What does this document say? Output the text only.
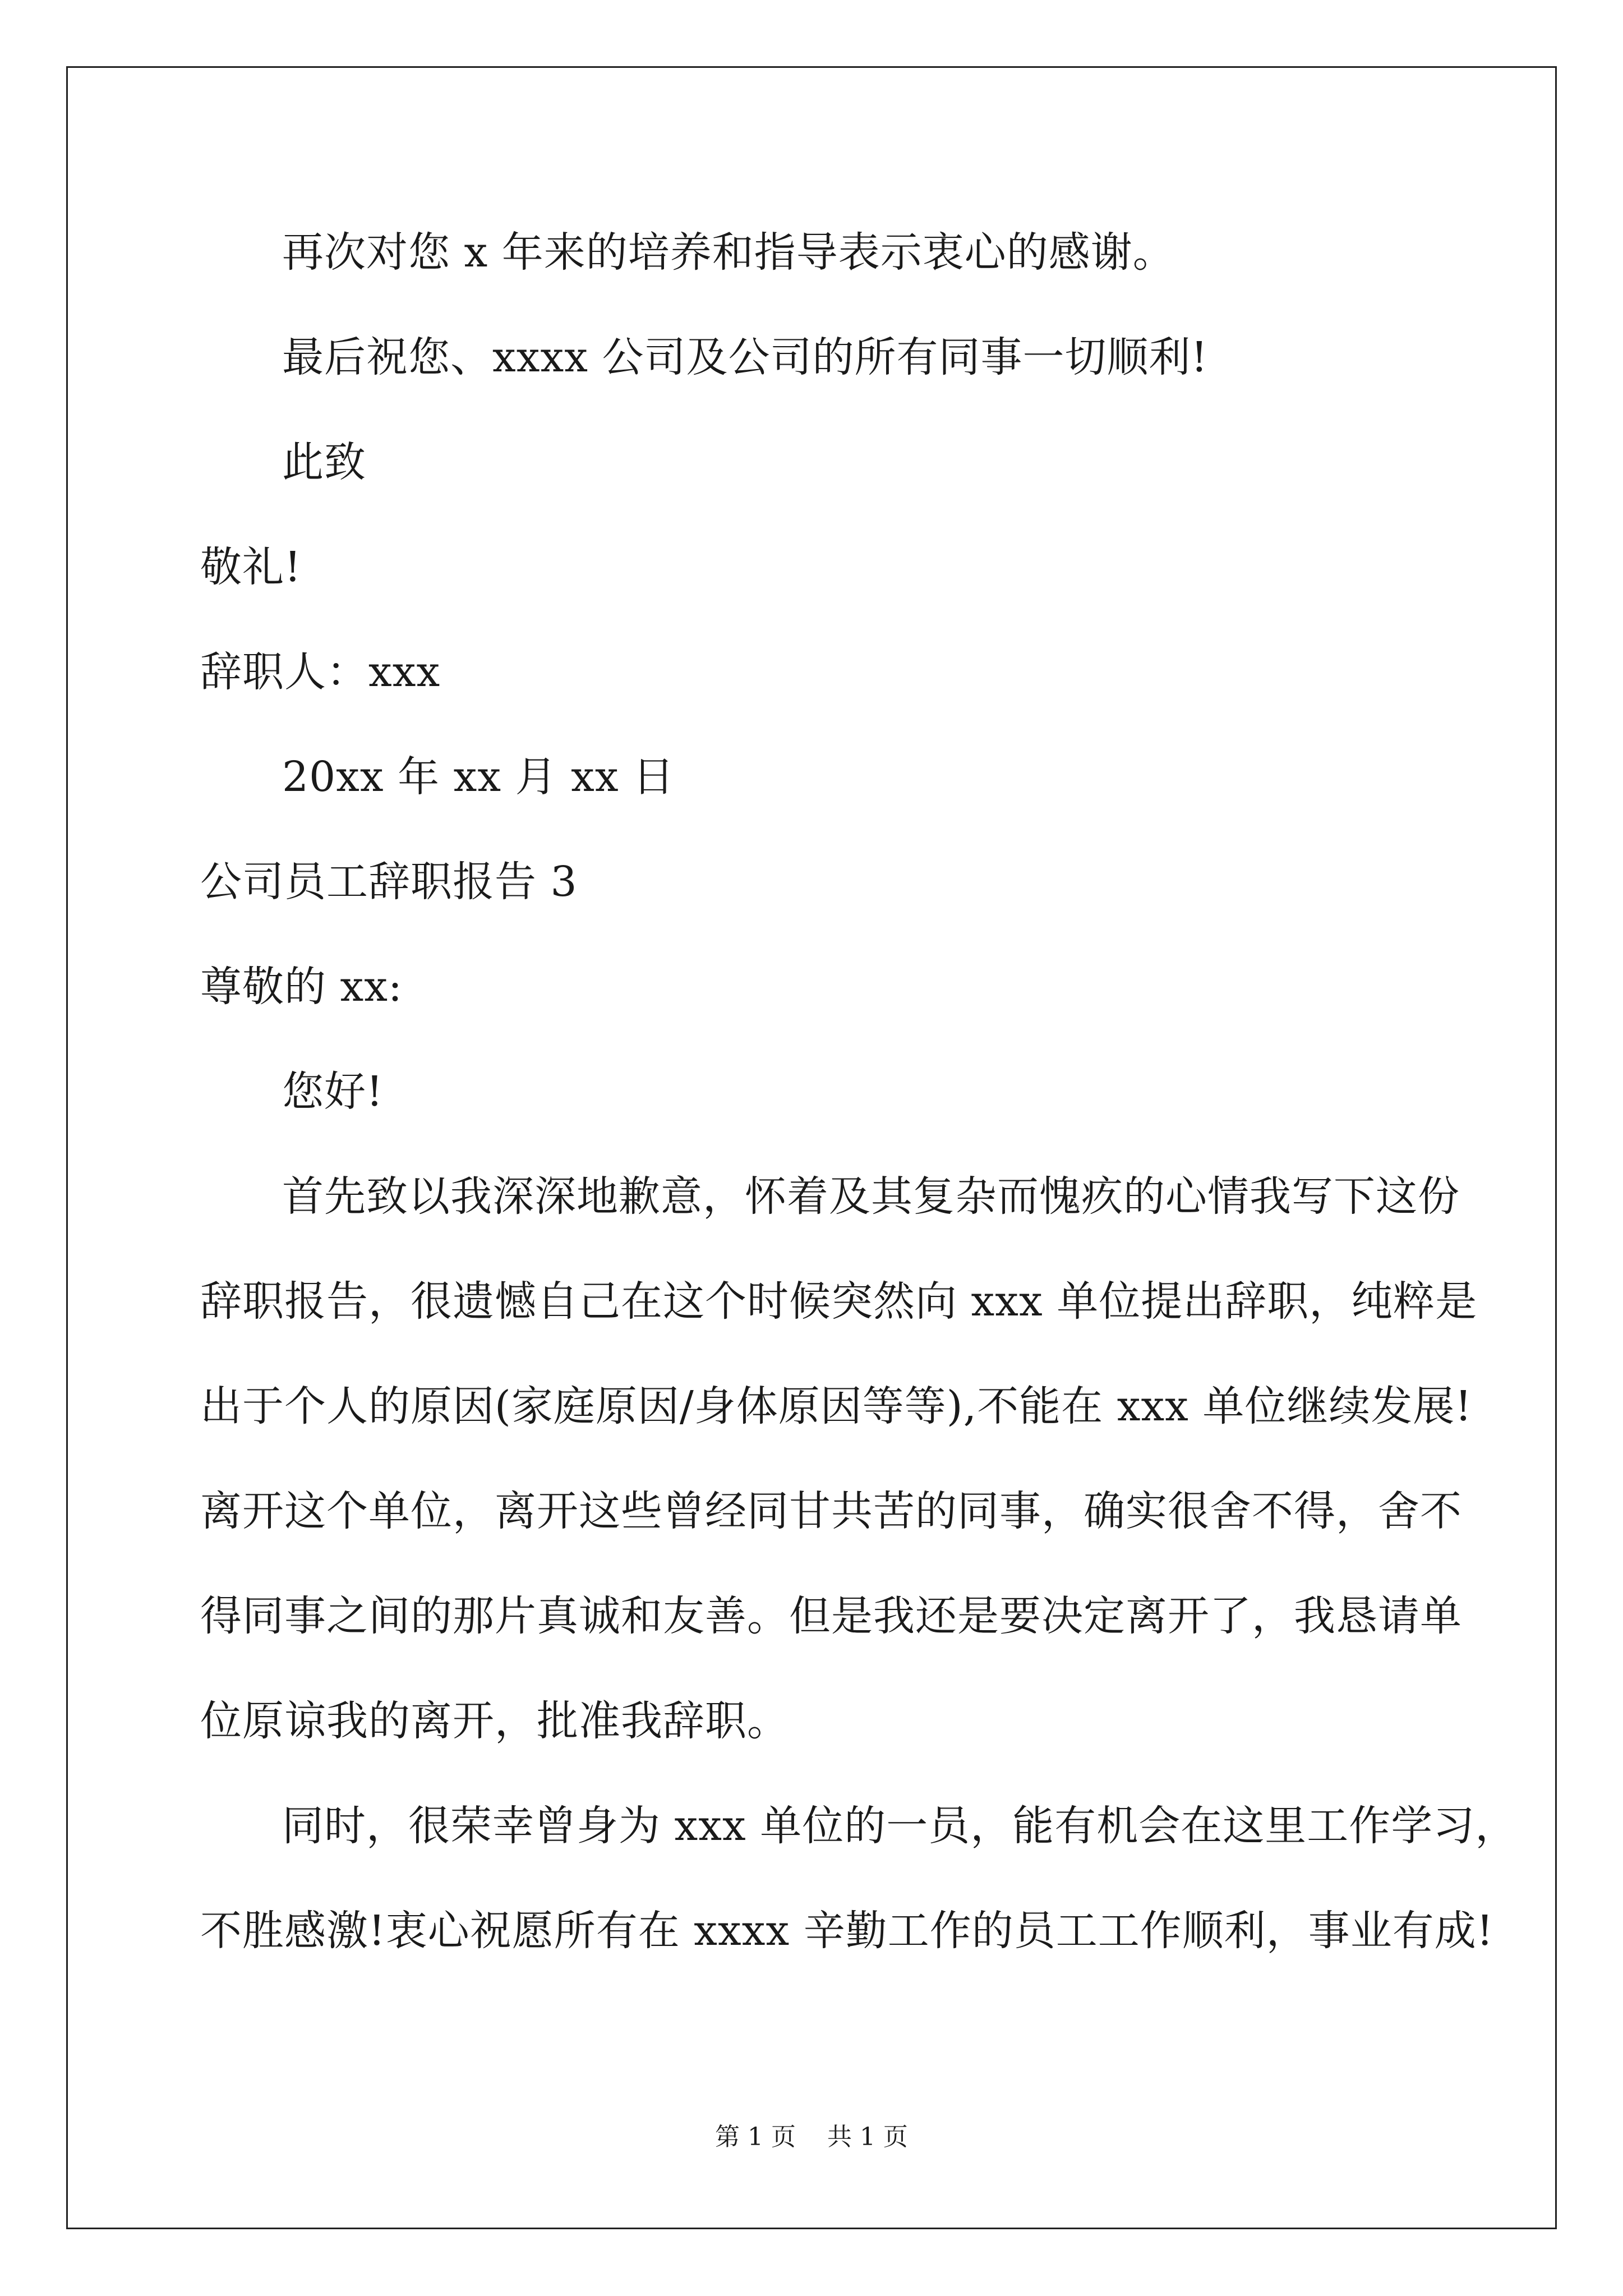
再次对您 x 年来的培养和指导表示衷心的感谢。
最后祝您、xxxx 公司及公司的所有同事一切顺利!
此致
敬礼!
辞职人：xxx
20xx 年 xx 月 xx 日
公司员工辞职报告 3
尊敬的 xx:
您好!
首先致以我深深地歉意，怀着及其复杂而愧疚的心情我写下这份
辞职报告，很遗憾自己在这个时候突然向 xxx 单位提出辞职，纯粹是
出于个人的原因(家庭原因/身体原因等等),不能在 xxx 单位继续发展!
离开这个单位，离开这些曾经同甘共苦的同事，确实很舍不得，舍不
得同事之间的那片真诚和友善。但是我还是要决定离开了，我恳请单
位原谅我的离开，批准我辞职。
同时，很荣幸曾身为 xxx 单位的一员，能有机会在这里工作学习，
不胜感激!衷心祝愿所有在 xxxx 辛勤工作的员工工作顺利，事业有成!
第 1 页    共 1 页
